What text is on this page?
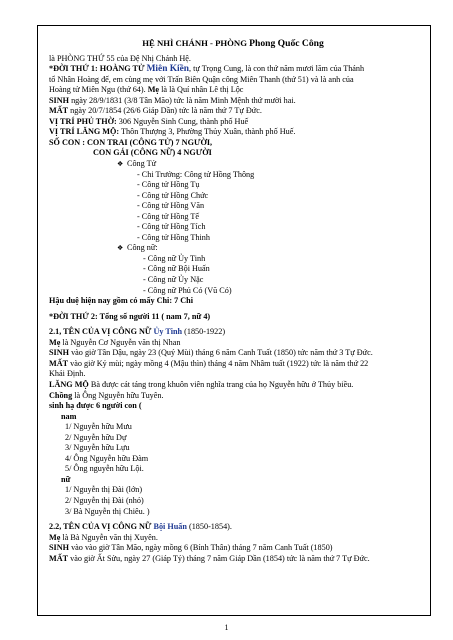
HỆ NHÌ CHÁNH - PHÒNG Phong Quốc Công
là PHÒNG THỨ 55 của Đệ Nhị Chánh Hệ.
*ĐỜI THỨ 1: HOÀNG TỬ Miên Kiền, tự Trọng Cung, là con thứ năm mươi lăm của Thánh
tổ Nhân Hoàng đế, em cùng mẹ với Trấn Biên Quận công Miên Thanh (thứ 51) và là anh của
Hoàng tử Miên Ngu (thứ 64). Mẹ là là Quí nhân Lê thị Lộc
SINH ngày 28/9/1831 (3/8 Tân Mão) tức là năm Minh Mệnh thứ mười hai.
MẤT ngày 20/7/1854 (26/6 Giáp Dần) tức là năm thứ 7 Tự Đức.
VỊ TRÍ PHỦ THỜ: 306 Nguyễn Sinh Cung, thành phố Huế
VỊ TRÍ LĂNG MỘ: Thôn Thượng 3, Phường Thủy Xuân, thành phố Huế.
SỐ CON : CON TRAI (CÔNG TỬ) 7 NGƯỜI,
CON GÁI (CÔNG NỮ) 4 NGƯỜI
❖ Công Tử
- Chi Trưởng: Công tử Hồng Thông
- Công tử Hồng Tụ
- Công tử Hồng Chức
- Công tử Hồng Văn
- Công tử Hồng Tế
- Công tử Hồng Tích
- Công tử Hồng Thinh
❖ Công nữ:
- Công nữ Ủy Tinh
- Công nữ Bội Huấn
- Công nữ Ủy Nặc
- Công nữ Phủ Có (Vũ Có)
Hậu duệ hiện nay gồm có mấy Chi: 7 Chi
*ĐỜI THỨ 2: Tổng số người 11 ( nam 7, nữ 4)
2.1, TÊN CỦA VỊ CÔNG NỮ Ủy Tinh (1850-1922)
Mẹ là Nguyễn Cơ Nguyễn văn thị Nhan
SINH vào giờ Tân Dậu, ngày 23 (Quý Mùi) tháng 6 năm Canh Tuất (1850) tức năm thứ 3 Tự Đức.
MẤT vào giờ Kỷ mùi; ngày mồng 4 (Mậu thìn) tháng 4 năm Nhâm tuất (1922) tức là năm thứ 22
Khải Định.
LĂNG MỘ Bà được cát táng trong khuôn viên nghĩa trang của họ Nguyễn hữu ở Thủy biều.
Chồng là Ông Nguyễn hữu Tuyên.
sinh hạ được 6 người con (
nam
1/ Nguyễn hữu Mưu
2/ Nguyễn hữu Dự
3/ Nguyễn hữu Lựu
4/ Ông Nguyễn hữu Đàm
5/ Ông nguyễn hữu Lội.
nữ
1/ Nguyễn thị Đài (lớn)
2/ Nguyễn thị Đài (nhỏ)
3/ Bà Nguyễn thị Chiêu. )
2.2, TÊN CỦA VỊ CÔNG NỮ Bội Huấn (1850-1854).
Mẹ là Bà Nguyễn văn thị Xuyên.
SINH vào vào giờ Tân Mão, ngày mồng 6 (Bính Thân) tháng 7 năm Canh Tuất (1850)
MẤT vào giờ Ất Sửu, ngày 27 (Giáp Tý) tháng 7 năm Giáp Dần (1854) tức là năm thứ 7 Tự Đức.
1
